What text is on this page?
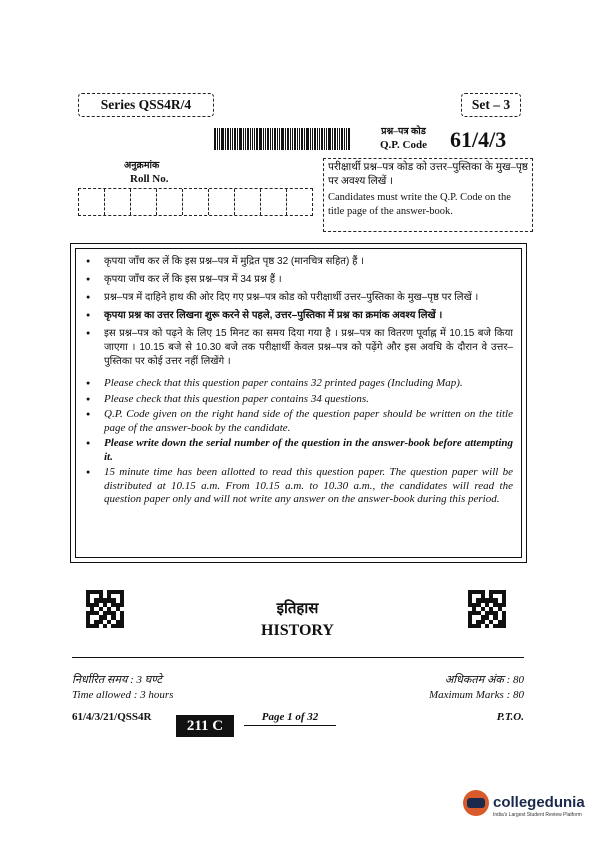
Series QSS4R/4	Set – 3
प्रश्न–पत्र कोड
Q.P. Code 61/4/3
अनुक्रमांक
Roll No.
परीक्षार्थी प्रश्न–पत्र कोड को उत्तर–पुस्तिका के मुख–पृष्ठ पर अवश्य लिखें ।
Candidates must write the Q.P. Code on the title page of the answer-book.
● कृपया जाँच कर लें कि इस प्रश्न–पत्र में मुद्रित पृष्ठ 32 (मानचित्र सहित) हैं ।
● कृपया जाँच कर लें कि इस प्रश्न–पत्र में 34 प्रश्न हैं ।
● प्रश्न–पत्र में दाहिने हाथ की ओर दिए गए प्रश्न–पत्र कोड को परीक्षार्थी उत्तर–पुस्तिका के मुख–पृष्ठ पर लिखें ।
● कृपया प्रश्न का उत्तर लिखना शुरू करने से पहले, उत्तर–पुस्तिका में प्रश्न का क्रमांक अवश्य लिखें ।
● इस प्रश्न–पत्र को पढ़ने के लिए 15 मिनट का समय दिया गया है । प्रश्न–पत्र का वितरण पूर्वाह्न में 10.15 बजे किया जाएगा । 10.15 बजे से 10.30 बजे तक परीक्षार्थी केवल प्रश्न–पत्र को पढ़ेंगे और इस अवधि के दौरान वे उत्तर–पुस्तिका पर कोई उत्तर नहीं लिखेंगे ।
● Please check that this question paper contains 32 printed pages (Including Map).
● Please check that this question paper contains 34 questions.
● Q.P. Code given on the right hand side of the question paper should be written on the title page of the answer-book by the candidate.
● Please write down the serial number of the question in the answer-book before attempting it.
● 15 minute time has been allotted to read this question paper. The question paper will be distributed at 10.15 a.m. From 10.15 a.m. to 10.30 a.m., the candidates will read the question paper only and will not write any answer on the answer-book during this period.
इतिहास
HISTORY
निर्धारित समय : 3 घण्टे
Time allowed : 3 hours
अधिकतम अंक : 80
Maximum Marks : 80
61/4/3/21/QSS4R
211 C
Page 1 of 32	P.T.O.
collegedunia
India's Largest Student Review Platform
